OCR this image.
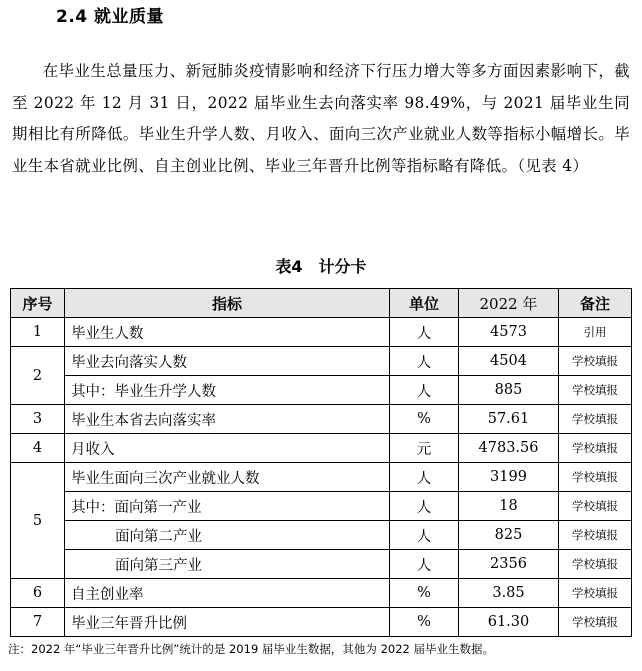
2.4 就业质量

在毕业生总量压力、新冠肺炎疫情影响和经济下行压力增大等多方面因素影响下，截至 2022 年 12 月 31 日，2022 届毕业生去向落实率 98.49%，与 2021 届毕业生同期相比有所降低。毕业生升学人数、月收入、面向三次产业就业人数等指标小幅增长。毕业生本省就业比例、自主创业比例、毕业三年晋升比例等指标略有降低。（见表 4）

表4　计分卡
序号	指标	单位	2022 年	备注
1	毕业生人数	人	4573	引用
2	毕业去向落实人数	人	4504	学校填报
	其中：毕业生升学人数	人	885	学校填报
3	毕业生本省去向落实率	%	57.61	学校填报
4	月收入	元	4783.56	学校填报
5	毕业生面向三次产业就业人数	人	3199	学校填报
	其中：面向第一产业	人	18	学校填报
	面向第二产业	人	825	学校填报
	面向第三产业	人	2356	学校填报
6	自主创业率	%	3.85	学校填报
7	毕业三年晋升比例	%	61.30	学校填报
注：2022 年“毕业三年晋升比例”统计的是 2019 届毕业生数据，其他为 2022 届毕业生数据。
